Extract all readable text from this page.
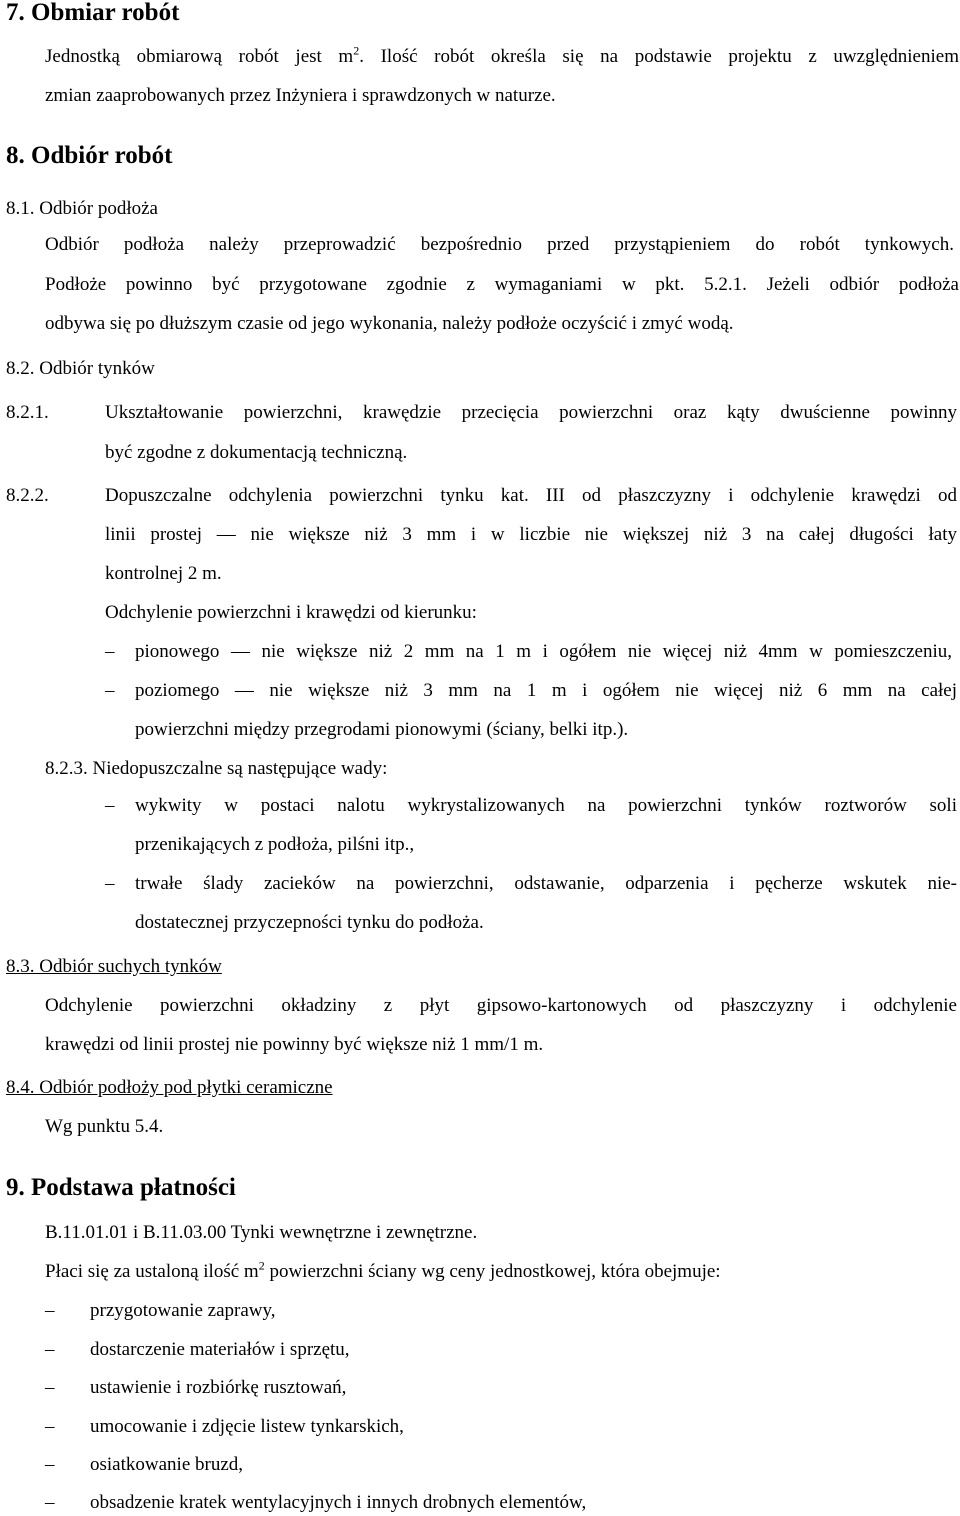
7. Obmiar robót
Jednostką obmiarową robót jest $m^2$. Ilość robót określa się na podstawie projektu z uwzględnieniem
zmian zaaprobowanych przez Inżyniera i sprawdzonych w naturze.
8. Odbiór robót
8.1. Odbiór podłoża
Odbiór podłoża należy przeprowadzić bezpośrednio przed przystąpieniem do robót tynkowych.
Podłoże powinno być przygotowane zgodnie z wymaganiami w pkt. 5.2.1. Jeżeli odbiór podłoża
odbywa się po dłuższym czasie od jego wykonania, należy podłoże oczyścić i zmyć wodą.
8.2. Odbiór tynków
8.2.1.	Ukształtowanie powierzchni, krawędzie przecięcia powierzchni oraz kąty dwuścienne powinny
być zgodne z dokumentacją techniczną.
8.2.2.	Dopuszczalne odchylenia powierzchni tynku kat. III od płaszczyzny i odchylenie krawędzi od
linii prostej — nie większe niż 3 mm i w liczbie nie większej niż 3 na całej długości łaty
kontrolnej 2 m.
Odchylenie powierzchni i krawędzi od kierunku:
– pionowego — nie większe niż 2 mm na 1 m i ogółem nie więcej niż 4mm w pomieszczeniu,
– poziomego — nie większe niż 3 mm na 1 m i ogółem nie więcej niż 6 mm na całej
powierzchni między przegrodami pionowymi (ściany, belki itp.).
8.2.3. Niedopuszczalne są następujące wady:
– wykwity w postaci nalotu wykrystalizowanych na powierzchni tynków roztworów soli
przenikających z podłoża, pilśni itp.,
– trwałe ślady zacieków na powierzchni, odstawanie, odparzenia i pęcherze wskutek nie-
dostatecznej przyczepności tynku do podłoża.
8.3. Odbiór suchych tynków
Odchylenie powierzchni okładziny z płyt gipsowo-kartonowych od płaszczyzny i odchylenie
krawędzi od linii prostej nie powinny być większe niż 1 mm/1 m.
8.4. Odbiór podłoży pod płytki ceramiczne
Wg punktu 5.4.
9. Podstawa płatności
B.11.01.01 i B.11.03.00 Tynki wewnętrzne i zewnętrzne.
Płaci się za ustaloną ilość $m^2$ powierzchni ściany wg ceny jednostkowej, która obejmuje:
– przygotowanie zaprawy,
– dostarczenie materiałów i sprzętu,
– ustawienie i rozbiórkę rusztowań,
– umocowanie i zdjęcie listew tynkarskich,
– osiatkowanie bruzd,
– obsadzenie kratek wentylacyjnych i innych drobnych elementów,
